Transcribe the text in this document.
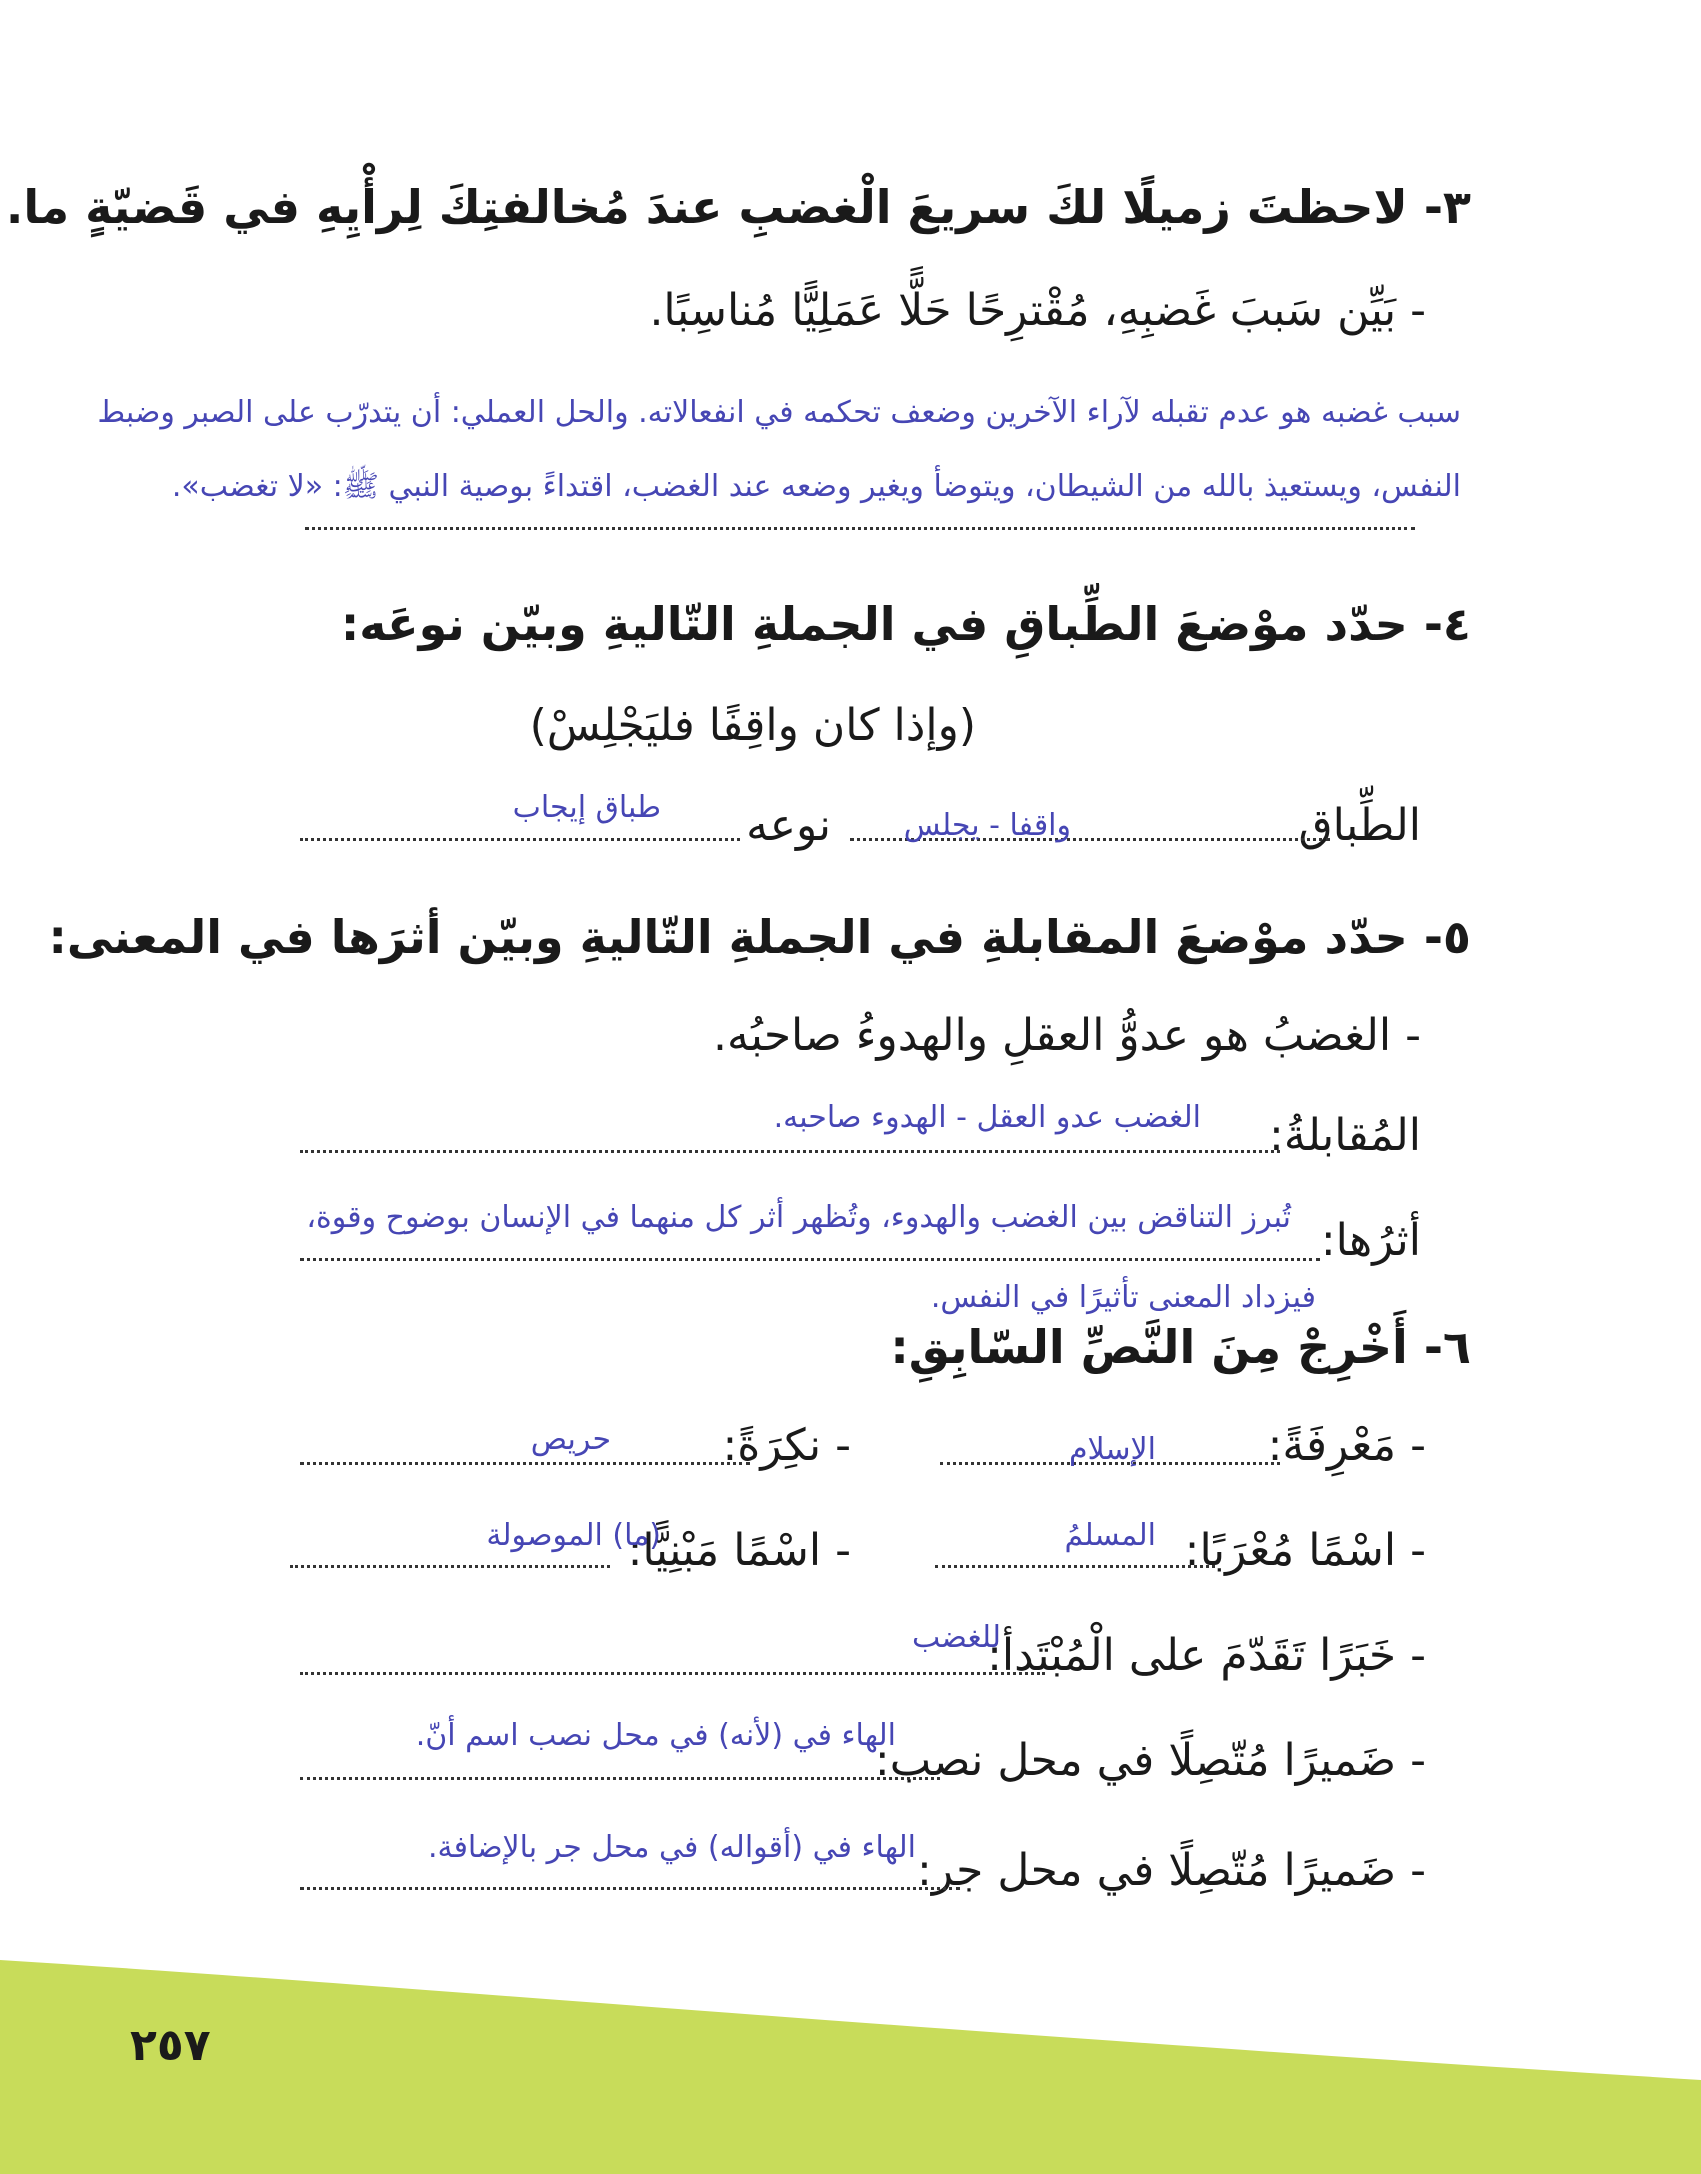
٣- لاحظتَ زميلًا لكَ سريعَ الْغضبِ عندَ مُخالفتِكَ لِرأْيِهِ في قَضيّةٍ ما.
- بَيِّن سَببَ غَضبِهِ، مُقْترِحًا حَلًّا عَمَلِيًّا مُناسِبًا.
سبب غضبه هو عدم تقبله لآراء الآخرين وضعف تحكمه في انفعالاته. والحل العملي: أن يتدرّب على الصبر وضبط
النفس، ويستعيذ بالله من الشيطان، ويتوضأ ويغير وضعه عند الغضب، اقتداءً بوصية النبي ﷺ: «لا تغضب».
٤- حدّد موْضعَ الطِّباقِ في الجملةِ التّاليةِ وبيّن نوعَه:
(وإذا كان واقِفًا فليَجْلِسْ)
الطِّباق
واقفا - يجلس
نوعه
طباق إيجاب
٥- حدّد موْضعَ المقابلةِ في الجملةِ التّاليةِ وبيّن أثرَها في المعنى:
- الغضبُ هو عدوُّ العقلِ والهدوءُ صاحبُه.
المُقابلةُ:
الغضب عدو العقل - الهدوء صاحبه.
أثرُها:
تُبرز التناقض بين الغضب والهدوء، وتُظهر أثر كل منهما في الإنسان بوضوح وقوة،
فيزداد المعنى تأثيرًا في النفس.
٦- أَخْرِجْ مِنَ النَّصِّ السّابِقِ:
- مَعْرِفَةً:
الإسلام
- نكِرَةً:
حريص
- اسْمًا مُعْرَبًا:
المسلمُ
- اسْمًا مَبْنِيًّا:
(ما) الموصولة
- خَبَرًا تَقَدّمَ على الْمُبْتَدأ:
للغضب
- ضَميرًا مُتّصِلًا في محل نصب:
الهاء في (لأنه) في محل نصب اسم أنّ.
- ضَميرًا مُتّصِلًا في محل جر:
الهاء في (أقواله) في محل جر بالإضافة.
٢٥٧
